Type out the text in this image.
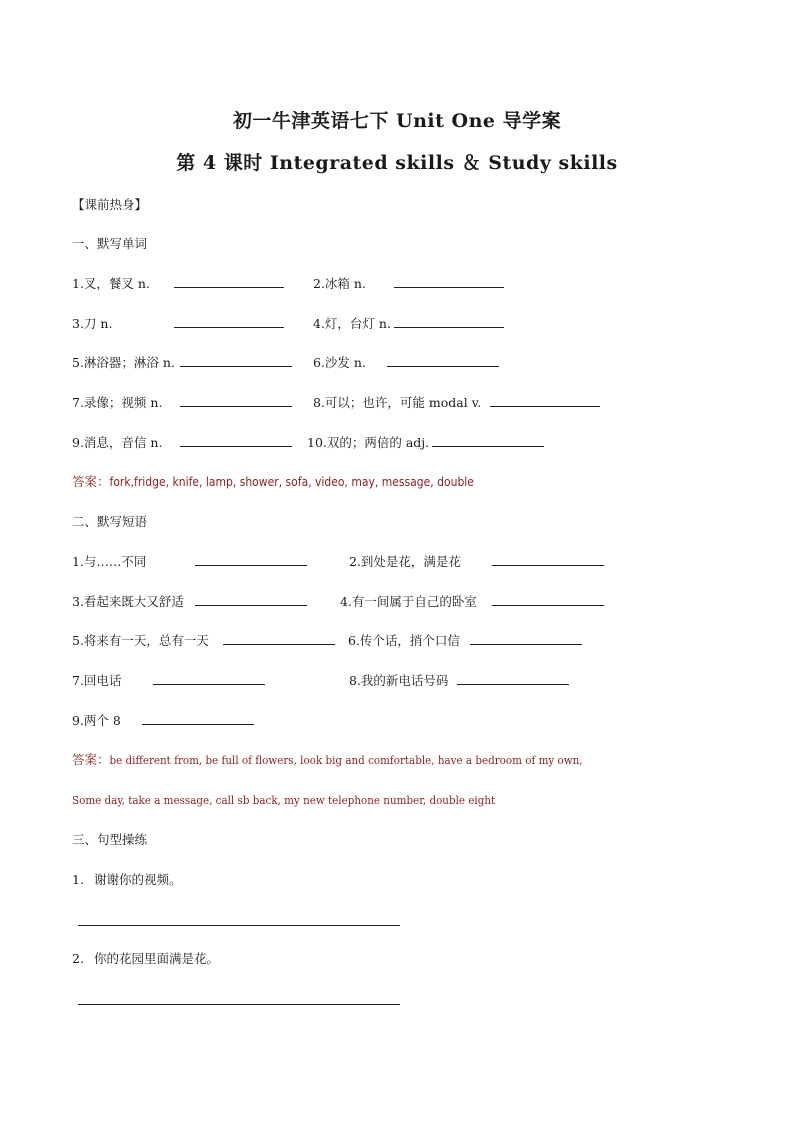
初一牛津英语七下 Unit One 导学案
第 4 课时 Integrated skills ＆ Study skills
【课前热身】
一、默写单词
1.叉，餐叉 n.	2.冰箱 n.
3.刀 n.	4.灯，台灯 n.
5.淋浴器；淋浴 n.	6.沙发 n.
7.录像；视频 n.	8.可以；也许，可能 modal v.
9.消息，音信 n.	10.双的；两倍的 adj.
答案：fork,fridge, knife, lamp, shower, sofa, video, may, message, double
二、默写短语
1.与……不同	2.到处是花，满是花
3.看起来既大又舒适	4.有一间属于自己的卧室
5.将来有一天，总有一天	6.传个话，捎个口信
7.回电话	8.我的新电话号码
9.两个 8
答案：be different from, be full of flowers, look big and comfortable, have a bedroom of my own,
Some day, take a message, call sb back, my new telephone number, double eight
三、句型操练
1. 谢谢你的视频。
2. 你的花园里面满是花。
